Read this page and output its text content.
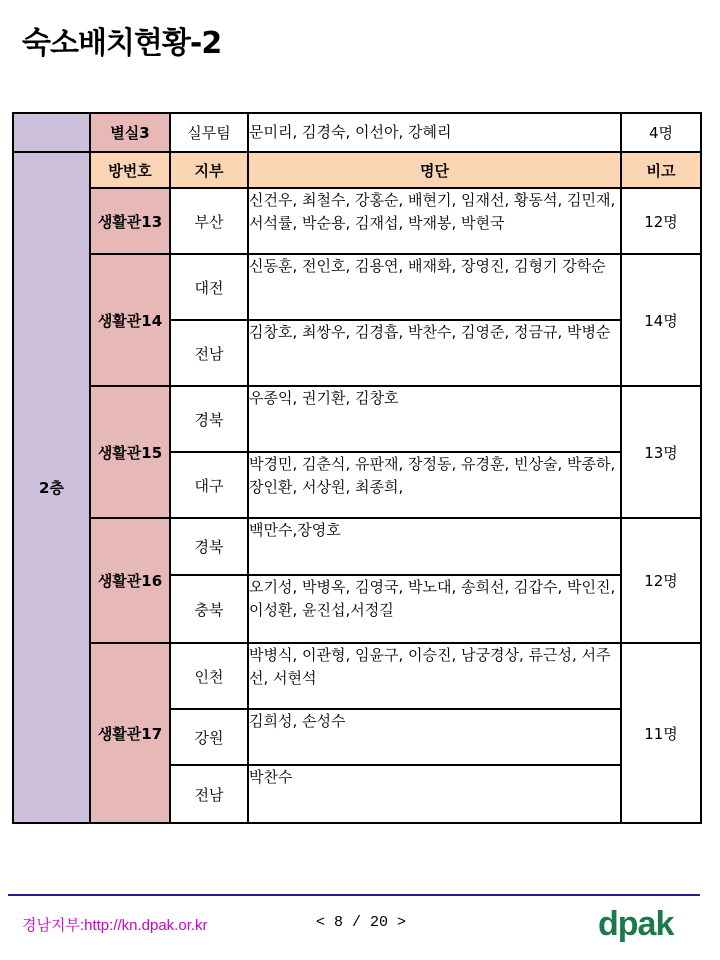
숙소배치현황-2
	별실3	실무팀	문미리, 김경숙, 이선아, 강혜리	4명
2층	방번호	지부	명단	비고
	생활관13	부산	신건우, 최철수, 강홍순, 배현기, 임재선, 황동석, 김민재, 서석률, 박순용, 김재섭, 박재봉, 박현국	12명
	생활관14	대전	신동훈, 전인호, 김용연, 배재화, 장영진, 김형기 강학순	14명
		전남	김창호, 최쌍우, 김경흡, 박찬수, 김영준, 정금규, 박병순	
	생활관15	경북	우종익, 권기환, 김창호	13명
		대구	박경민, 김춘식, 유판재, 장정동, 유경훈, 빈상술, 박종하, 장인환, 서상원, 최종희,	
	생활관16	경북	백만수,장영호	12명
		충북	오기성, 박병옥, 김영국, 박노대, 송희선, 김갑수, 박인진, 이성환, 윤진섭,서정길	
	생활관17	인천	박병식, 이관형, 임윤구, 이승진, 남궁경상, 류근성, 서주선, 서현석	11명
		강원	김희성, 손성수	
		전남	박찬수	
경남지부:http://kn.dpak.or.kr	< 8 / 20 >	dpak
